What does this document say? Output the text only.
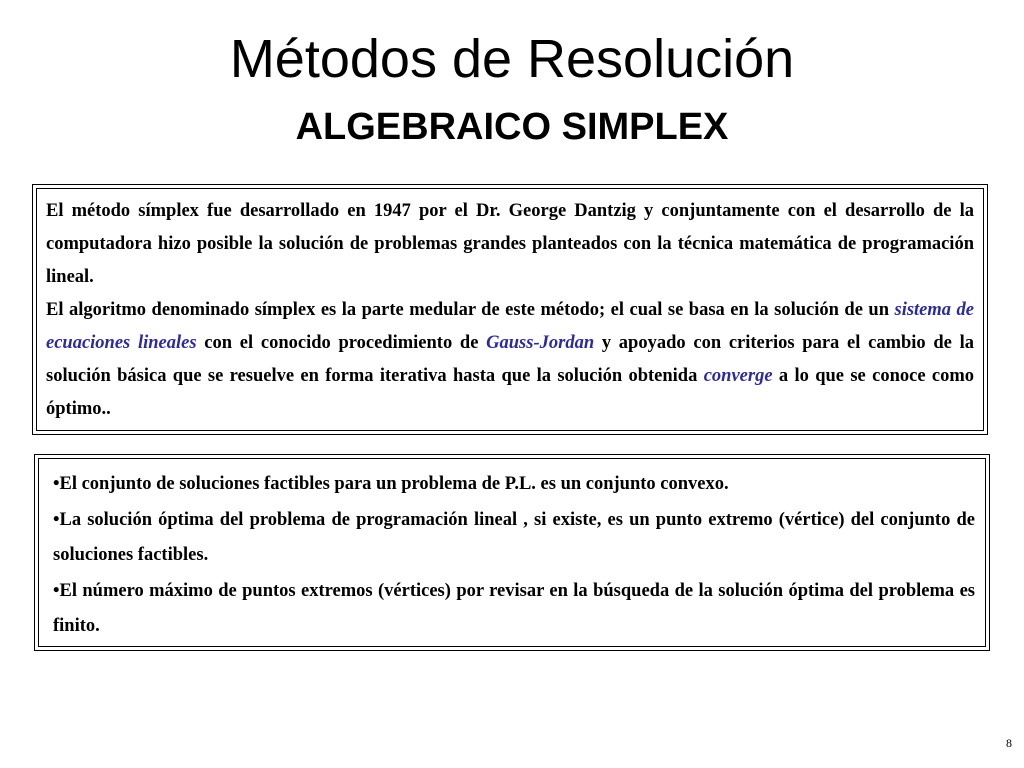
Métodos de Resolución
ALGEBRAICO SIMPLEX

El método símplex fue desarrollado en 1947 por el Dr. George Dantzig y conjuntamente con el desarrollo de la computadora hizo posible la solución de problemas grandes planteados con la técnica matemática de programación lineal.

El algoritmo denominado símplex es la parte medular de este método; el cual se basa en la solución de un sistema de ecuaciones lineales con el conocido procedimiento de Gauss-Jordan y apoyado con criterios para el cambio de la solución básica que se resuelve en forma iterativa hasta que la solución obtenida converge a lo que se conoce como óptimo..

•El conjunto de soluciones factibles para un problema de P.L. es un conjunto convexo.

•La solución óptima del problema de programación lineal , si existe, es un punto extremo (vértice) del conjunto de soluciones factibles.

•El número máximo de puntos extremos (vértices) por revisar en la búsqueda de la solución óptima del problema es finito.

8
